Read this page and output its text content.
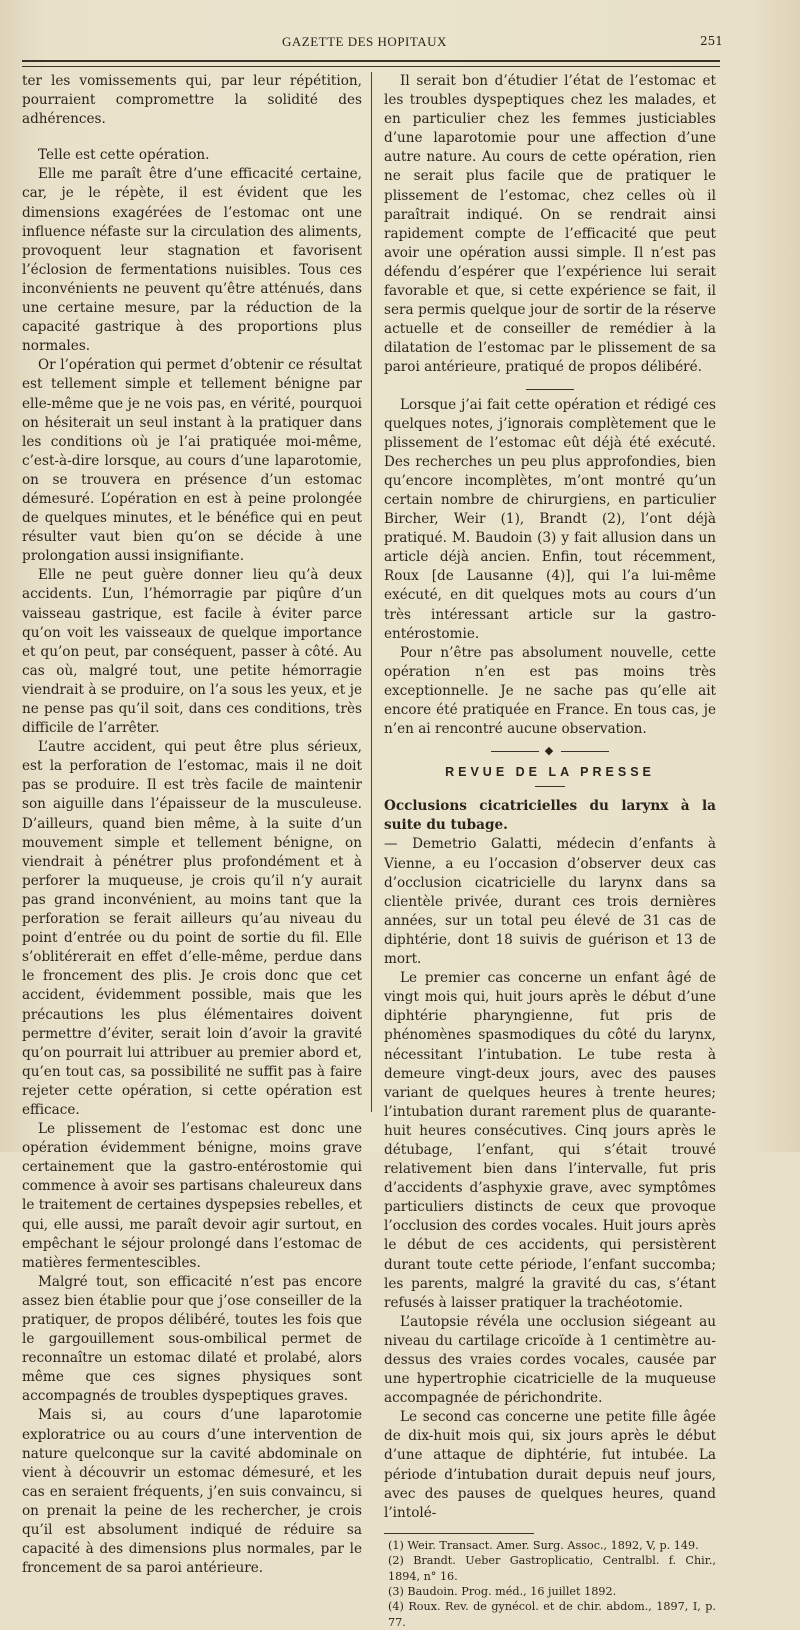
GAZETTE DES HOPITAUX	251

ter les vomissements qui, par leur répétition, pourraient compromettre la solidité des adhérences.

Telle est cette opération.

Elle me paraît être d’une efficacité certaine, car, je le répète, il est évident que les dimensions exagérées de l’estomac ont une influence néfaste sur la circulation des aliments, provoquent leur stagnation et favorisent l’éclosion de fermentations nuisibles. Tous ces inconvénients ne peuvent qu’être atténués, dans une certaine mesure, par la réduction de la capacité gastrique à des proportions plus normales.

Or l’opération qui permet d’obtenir ce résultat est tellement simple et tellement bénigne par elle-même que je ne vois pas, en vérité, pourquoi on hésiterait un seul instant à la pratiquer dans les conditions où je l’ai pratiquée moi-même, c’est-à-dire lorsque, au cours d’une laparotomie, on se trouvera en présence d’un estomac démesuré. L’opération en est à peine prolongée de quelques minutes, et le bénéfice qui en peut résulter vaut bien qu’on se décide à une prolongation aussi insignifiante.

Elle ne peut guère donner lieu qu’à deux accidents. L’un, l’hémorragie par piqûre d’un vaisseau gastrique, est facile à éviter parce qu’on voit les vaisseaux de quelque importance et qu’on peut, par conséquent, passer à côté. Au cas où, malgré tout, une petite hémorragie viendrait à se produire, on l’a sous les yeux, et je ne pense pas qu’il soit, dans ces conditions, très difficile de l’arrêter.

L’autre accident, qui peut être plus sérieux, est la perforation de l’estomac, mais il ne doit pas se produire. Il est très facile de maintenir son aiguille dans l’épaisseur de la musculeuse. D’ailleurs, quand bien même, à la suite d’un mouvement simple et tellement bénigne, on viendrait à pénétrer plus profondément et à perforer la muqueuse, je crois qu’il n’y aurait pas grand inconvénient, au moins tant que la perforation se ferait ailleurs qu’au niveau du point d’entrée ou du point de sortie du fil. Elle s’oblitérerait en effet d’elle-même, perdue dans le froncement des plis. Je crois donc que cet accident, évidemment possible, mais que les précautions les plus élémentaires doivent permettre d’éviter, serait loin d’avoir la gravité qu’on pourrait lui attribuer au premier abord et, qu’en tout cas, sa possibilité ne suffit pas à faire rejeter cette opération, si cette opération est efficace.

Le plissement de l’estomac est donc une opération évidemment bénigne, moins grave certainement que la gastro-entérostomie qui commence à avoir ses partisans chaleureux dans le traitement de certaines dyspepsies rebelles, et qui, elle aussi, me paraît devoir agir surtout, en empêchant le séjour prolongé dans l’estomac de matières fermentescibles.

Malgré tout, son efficacité n’est pas encore assez bien établie pour que j’ose conseiller de la pratiquer, de propos délibéré, toutes les fois que le gargouillement sous-ombilical permet de reconnaître un estomac dilaté et prolabé, alors même que ces signes physiques sont accompagnés de troubles dyspeptiques graves.

Mais si, au cours d’une laparotomie exploratrice ou au cours d’une intervention de nature quelconque sur la cavité abdominale on vient à découvrir un estomac démesuré, et les cas en seraient fréquents, j’en suis convaincu, si on prenait la peine de les rechercher, je crois qu’il est absolument indiqué de réduire sa capacité à des dimensions plus normales, par le froncement de sa paroi antérieure.

Il serait bon d’étudier l’état de l’estomac et les troubles dyspeptiques chez les malades, et en particulier chez les femmes justiciables d’une laparotomie pour une affection d’une autre nature. Au cours de cette opération, rien ne serait plus facile que de pratiquer le plissement de l’estomac, chez celles où il paraîtrait indiqué. On se rendrait ainsi rapidement compte de l’efficacité que peut avoir une opération aussi simple. Il n’est pas défendu d’espérer que l’expérience lui serait favorable et que, si cette expérience se fait, il sera permis quelque jour de sortir de la réserve actuelle et de conseiller de remédier à la dilatation de l’estomac par le plissement de sa paroi antérieure, pratiqué de propos délibéré.

Lorsque j’ai fait cette opération et rédigé ces quelques notes, j’ignorais complètement que le plissement de l’estomac eût déjà été exécuté. Des recherches un peu plus approfondies, bien qu’encore incomplètes, m’ont montré qu’un certain nombre de chirurgiens, en particulier Bircher, Weir (1), Brandt (2), l’ont déjà pratiqué. M. Baudoin (3) y fait allusion dans un article déjà ancien. Enfin, tout récemment, Roux [de Lausanne (4)], qui l’a lui-même exécuté, en dit quelques mots au cours d’un très intéressant article sur la gastro-entérostomie.

Pour n’être pas absolument nouvelle, cette opération n’en est pas moins très exceptionnelle. Je ne sache pas qu’elle ait encore été pratiquée en France. En tous cas, je n’en ai rencontré aucune observation.

◆
REVUE DE LA PRESSE

Occlusions cicatricielles du larynx à la suite du tubage.

— Demetrio Galatti, médecin d’enfants à Vienne, a eu l’occasion d’observer deux cas d’occlusion cicatricielle du larynx dans sa clientèle privée, durant ces trois dernières années, sur un total peu élevé de 31 cas de diphtérie, dont 18 suivis de guérison et 13 de mort.

Le premier cas concerne un enfant âgé de vingt mois qui, huit jours après le début d’une diphtérie pharyngienne, fut pris de phénomènes spasmodiques du côté du larynx, nécessitant l’intubation. Le tube resta à demeure vingt-deux jours, avec des pauses variant de quelques heures à trente heures; l’intubation durant rarement plus de quarante-huit heures consécutives. Cinq jours après le détubage, l’enfant, qui s’était trouvé relativement bien dans l’intervalle, fut pris d’accidents d’asphyxie grave, avec symptômes particuliers distincts de ceux que provoque l’occlusion des cordes vocales. Huit jours après le début de ces accidents, qui persistèrent durant toute cette période, l’enfant succomba; les parents, malgré la gravité du cas, s’étant refusés à laisser pratiquer la trachéotomie.

L’autopsie révéla une occlusion siégeant au niveau du cartilage cricoïde à 1 centimètre au-dessus des vraies cordes vocales, causée par une hypertrophie cicatricielle de la muqueuse accompagnée de périchondrite.

Le second cas concerne une petite fille âgée de dix-huit mois qui, six jours après le début d’une attaque de diphtérie, fut intubée. La période d’intubation durait depuis neuf jours, avec des pauses de quelques heures, quand l’intolé-

(1) Weir. Transact. Amer. Surg. Assoc., 1892, V, p. 149.
(2) Brandt. Ueber Gastroplicatio, Centralbl. f. Chir., 1894, n° 16.
(3) Baudoin. Prog. méd., 16 juillet 1892.
(4) Roux. Rev. de gynécol. et de chir. abdom., 1897, I, p. 77.
